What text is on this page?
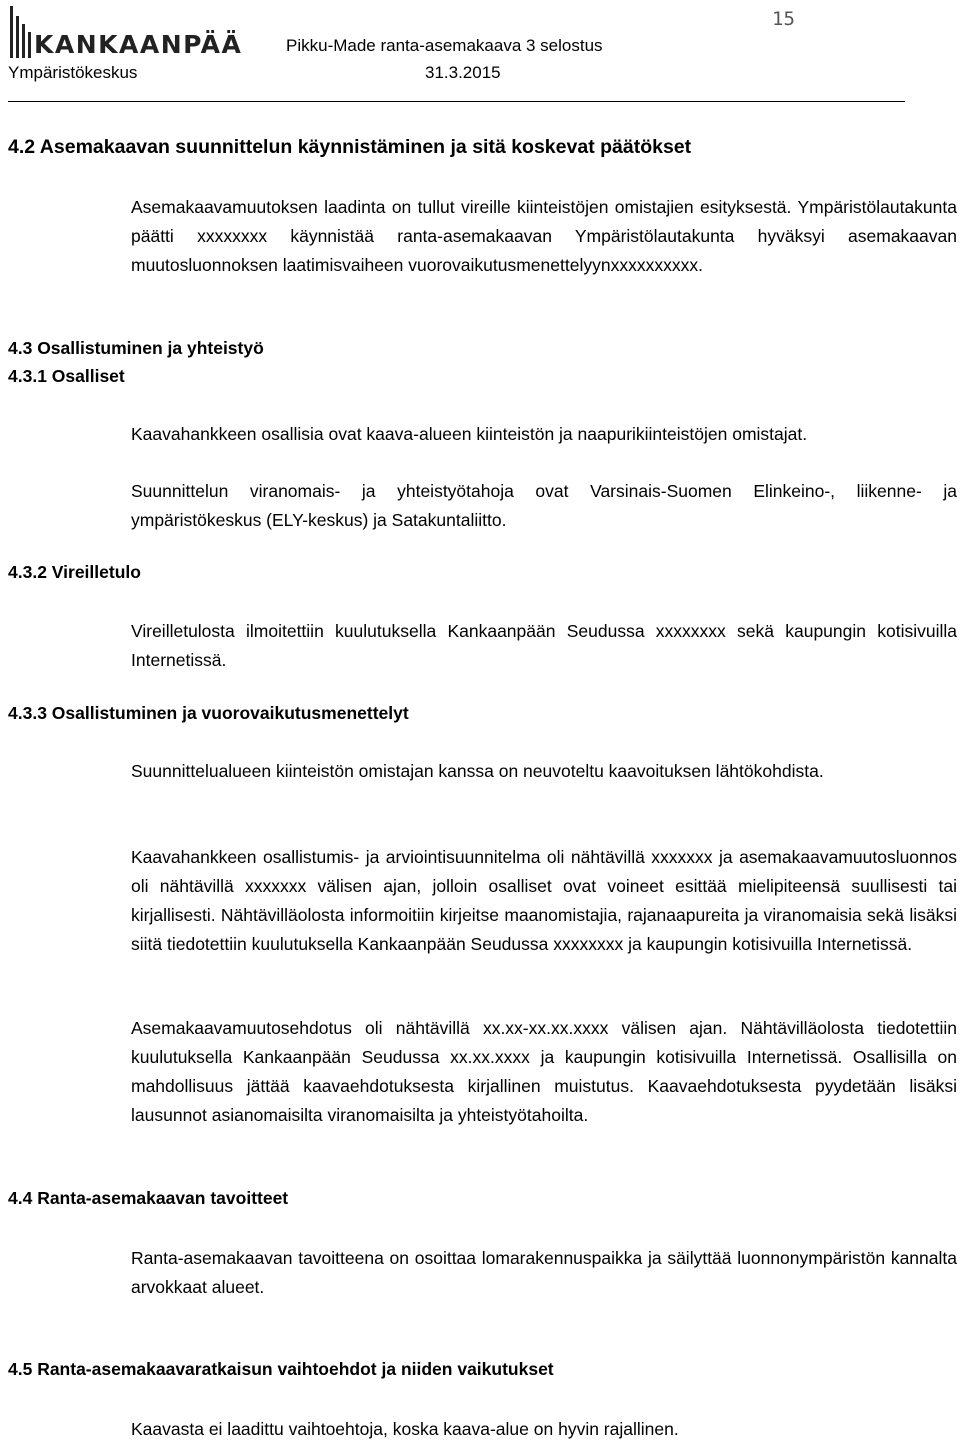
15
KANKAANPÄÄ
Ympäristökeskus
Pikku-Made ranta-asemakaava 3 selostus
31.3.2015
4.2 Asemakaavan suunnittelun käynnistäminen ja sitä koskevat päätökset

Asemakaavamuutoksen laadinta on tullut vireille kiinteistöjen omistajien esityksestä. Ympäristölautakunta päätti xxxxxxxx käynnistää ranta-asemakaavan Ympäristölautakunta hyväksyi asemakaavan muutosluonnoksen laatimisvaiheen vuorovaikutusmenettelyynxxxxxxxxxx.

4.3 Osallistuminen ja yhteistyö
4.3.1 Osalliset

Kaavahankkeen osallisia ovat kaava-alueen kiinteistön ja naapurikiinteistöjen omistajat.

Suunnittelun viranomais- ja yhteistyötahoja ovat Varsinais-Suomen Elinkeino-, liikenne- ja ympäristökeskus (ELY-keskus) ja Satakuntaliitto.

4.3.2 Vireilletulo

Vireilletulosta ilmoitettiin kuulutuksella Kankaanpään Seudussa xxxxxxxx sekä kaupungin kotisivuilla Internetissä.

4.3.3 Osallistuminen ja vuorovaikutusmenettelyt

Suunnittelualueen kiinteistön omistajan kanssa on neuvoteltu kaavoituksen lähtökohdista.

Kaavahankkeen osallistumis- ja arviointisuunnitelma oli nähtävillä xxxxxxx ja asemakaavamuutosluonnos oli nähtävillä xxxxxxx välisen ajan, jolloin osalliset ovat voineet esittää mielipiteensä suullisesti tai kirjallisesti. Nähtävilläolosta informoitiin kirjeitse maanomistajia, rajanaapureita ja viranomaisia sekä lisäksi siitä tiedotettiin kuulutuksella Kankaanpään Seudussa xxxxxxxx ja kaupungin kotisivuilla Internetissä.

Asemakaavamuutosehdotus oli nähtävillä xx.xx-xx.xx.xxxx välisen ajan. Nähtävilläolosta tiedotettiin kuulutuksella Kankaanpään Seudussa xx.xx.xxxx ja kaupungin kotisivuilla Internetissä. Osallisilla on mahdollisuus jättää kaavaehdotuksesta kirjallinen muistutus. Kaavaehdotuksesta pyydetään lisäksi lausunnot asianomaisilta viranomaisilta ja yhteistyötahoilta.

4.4 Ranta-asemakaavan tavoitteet

Ranta-asemakaavan tavoitteena on osoittaa lomarakennuspaikka ja säilyttää luonnonympäristön kannalta arvokkaat alueet.

4.5 Ranta-asemakaavaratkaisun vaihtoehdot ja niiden vaikutukset

Kaavasta ei laadittu vaihtoehtoja, koska kaava-alue on hyvin rajallinen.
